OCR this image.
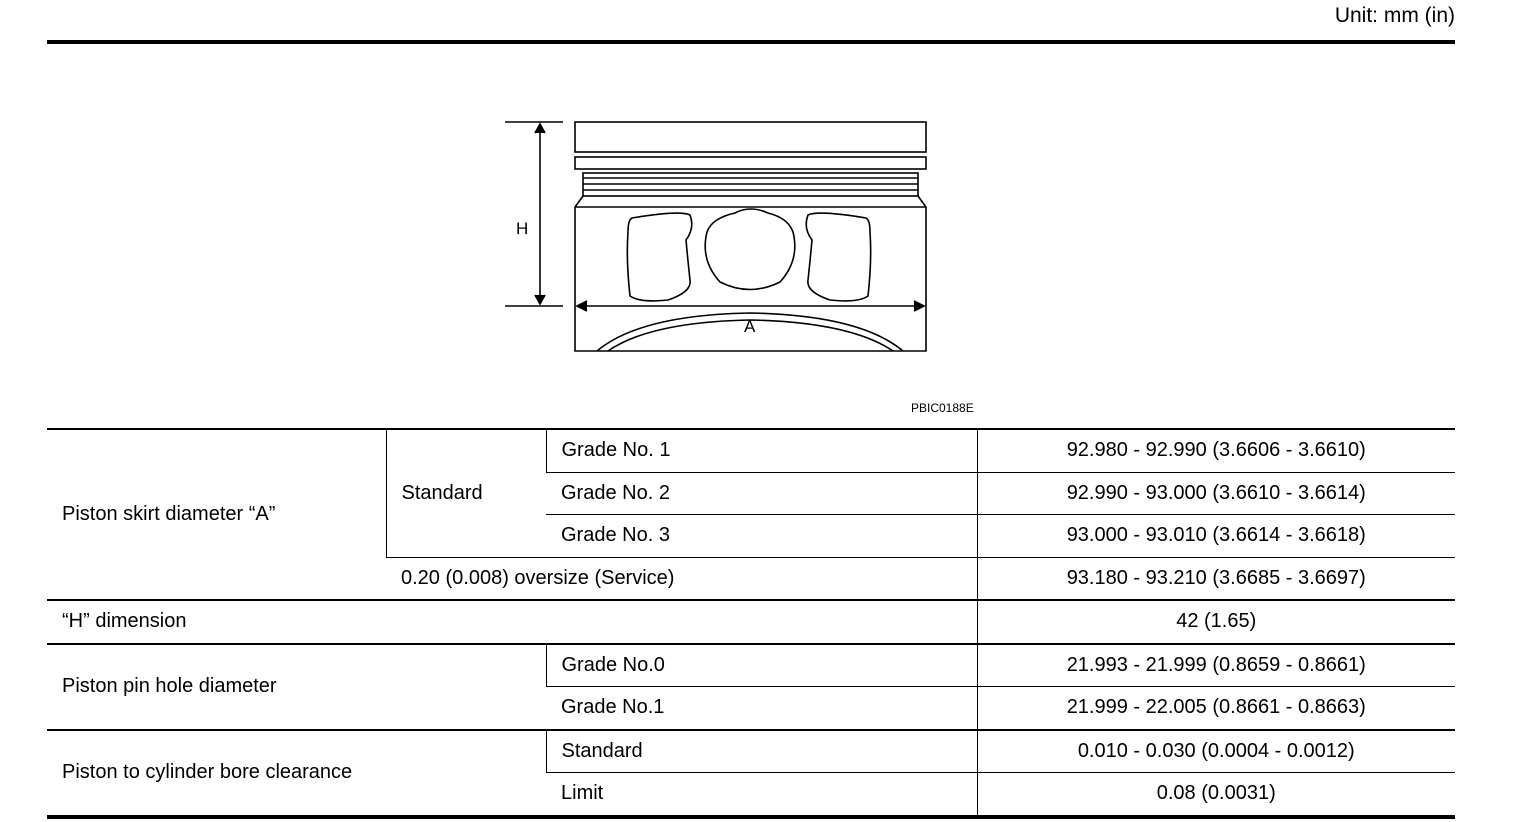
Unit: mm (in)
H
A
PBIC0188E
Piston skirt diameter “A”	Standard	Grade No. 1	92.980 - 92.990 (3.6606 - 3.6610)
		Grade No. 2	92.990 - 93.000 (3.6610 - 3.6614)
		Grade No. 3	93.000 - 93.010 (3.6614 - 3.6618)
	0.20 (0.008) oversize (Service)		93.180 - 93.210 (3.6685 - 3.6697)
“H” dimension			42 (1.65)
Piston pin hole diameter		Grade No.0	21.993 - 21.999 (0.8659 - 0.8661)
		Grade No.1	21.999 - 22.005 (0.8661 - 0.8663)
Piston to cylinder bore clearance		Standard	0.010 - 0.030 (0.0004 - 0.0012)
		Limit	0.08 (0.0031)
